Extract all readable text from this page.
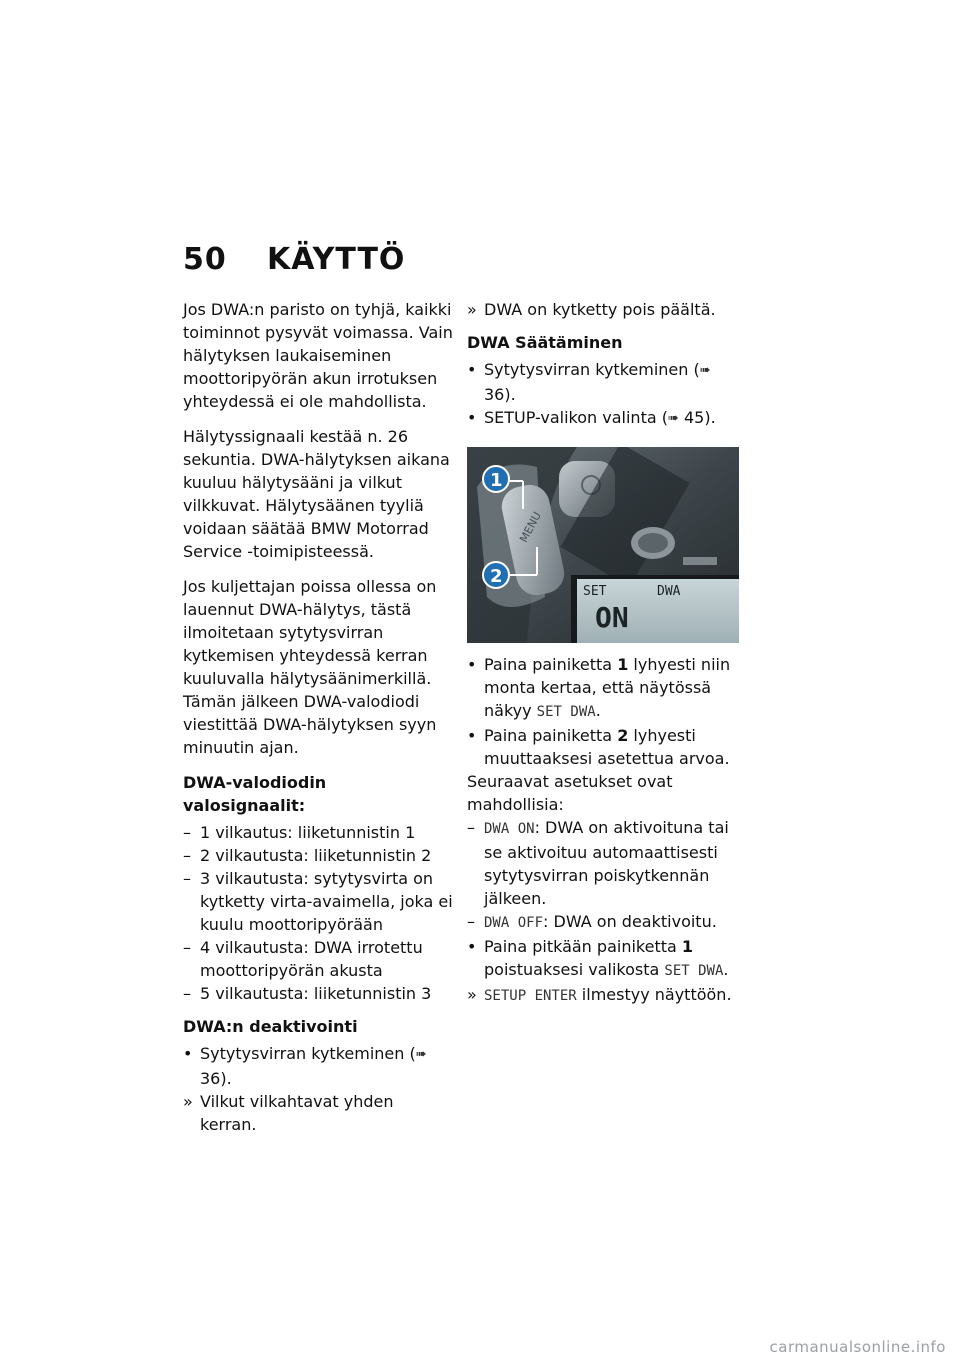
50 KÄYTTÖ

Jos DWA:n paristo on tyhjä, kaikki toiminnot pysyvät voimassa. Vain hälytyksen laukaiseminen moottoripyörän akun irrotuksen yhteydessä ei ole mahdollista.

Hälytyssignaali kestää n. 26 sekuntia. DWA-hälytyksen aikana kuuluu hälytysääni ja vilkut vilkkuvat. Hälytysäänen tyyliä voidaan säätää BMW Motorrad Service -toimipisteessä.

Jos kuljettajan poissa ollessa on lauennut DWA-hälytys, tästä ilmoitetaan sytytysvirran kytkemisen yhteydessä kerran kuuluvalla hälytysäänimerkillä. Tämän jälkeen DWA-valodiodi viestittää DWA-hälytyksen syyn minuutin ajan.

DWA-valodiodin valosignaalit:
– 1 vilkautus: liiketunnistin 1
– 2 vilkautusta: liiketunnistin 2
– 3 vilkautusta: sytytysvirta on kytketty virta-avaimella, joka ei kuulu moottoripyörään
– 4 vilkautusta: DWA irrotettu moottoripyörän akusta
– 5 vilkautusta: liiketunnistin 3
DWA:n deaktivointi
• Sytytysvirran kytkeminen (➠ 36).
» Vilkut vilkahtavat yhden kerran.
» DWA on kytketty pois päältä.
DWA Säätäminen
• Sytytysvirran kytkeminen (➠ 36).
• SETUP-valikon valinta (➠ 45).
MENU
SET	DWA
ON
1
2
• Paina painiketta 1 lyhyesti niin monta kertaa, että näytössä näkyy SET DWA.
• Paina painiketta 2 lyhyesti muuttaaksesi asetettua arvoa.
Seuraavat asetukset ovat mahdollisia:
– DWA ON: DWA on aktivoituna tai se aktivoituu automaattisesti sytytysvirran poiskytkennän jälkeen.
– DWA OFF: DWA on deaktivoitu.
• Paina pitkään painiketta 1 poistuaksesi valikosta SET DWA.
» SETUP ENTER ilmestyy näyttöön.
carmanualsonline.info
